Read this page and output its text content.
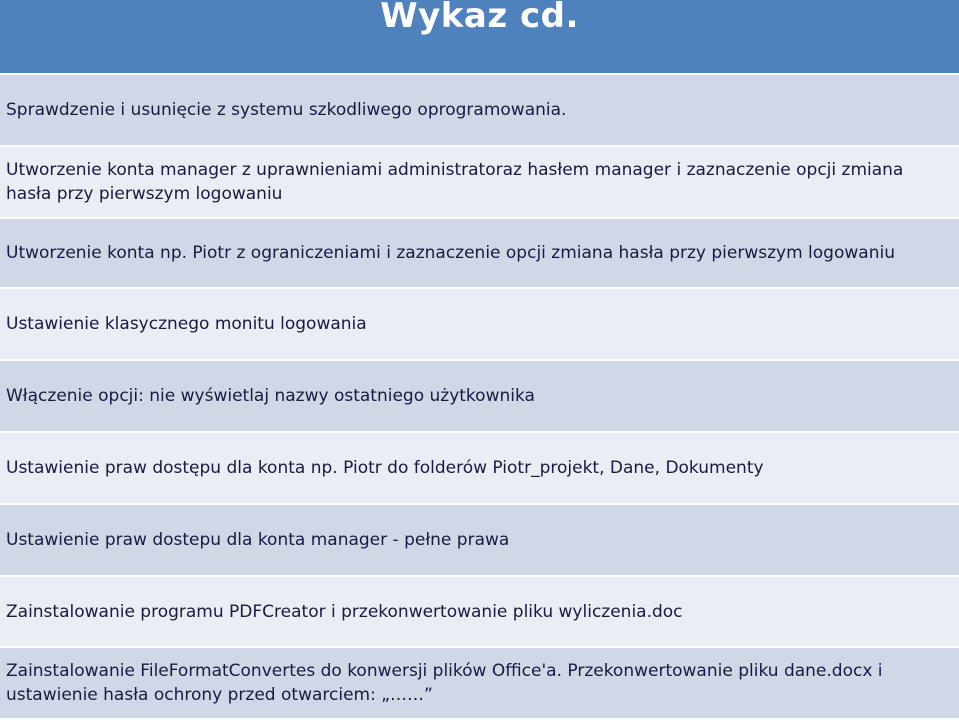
Wykaz cd.
Sprawdzenie i usunięcie z systemu szkodliwego oprogramowania.
Utworzenie konta manager z uprawnieniami administratoraz hasłem manager i zaznaczenie opcji zmiana hasła przy pierwszym logowaniu
Utworzenie konta np. Piotr z ograniczeniami i zaznaczenie opcji zmiana hasła przy pierwszym logowaniu
Ustawienie klasycznego monitu logowania
Włączenie opcji: nie wyświetlaj nazwy ostatniego użytkownika
Ustawienie praw dostępu dla konta np. Piotr do folderów Piotr_projekt, Dane, Dokumenty
Ustawienie praw dostepu dla konta manager - pełne prawa
Zainstalowanie programu PDFCreator i przekonwertowanie pliku wyliczenia.doc
Zainstalowanie FileFormatConvertes do konwersji plików Office'a. Przekonwertowanie pliku dane.docx i ustawienie hasła ochrony przed otwarciem: „……”
